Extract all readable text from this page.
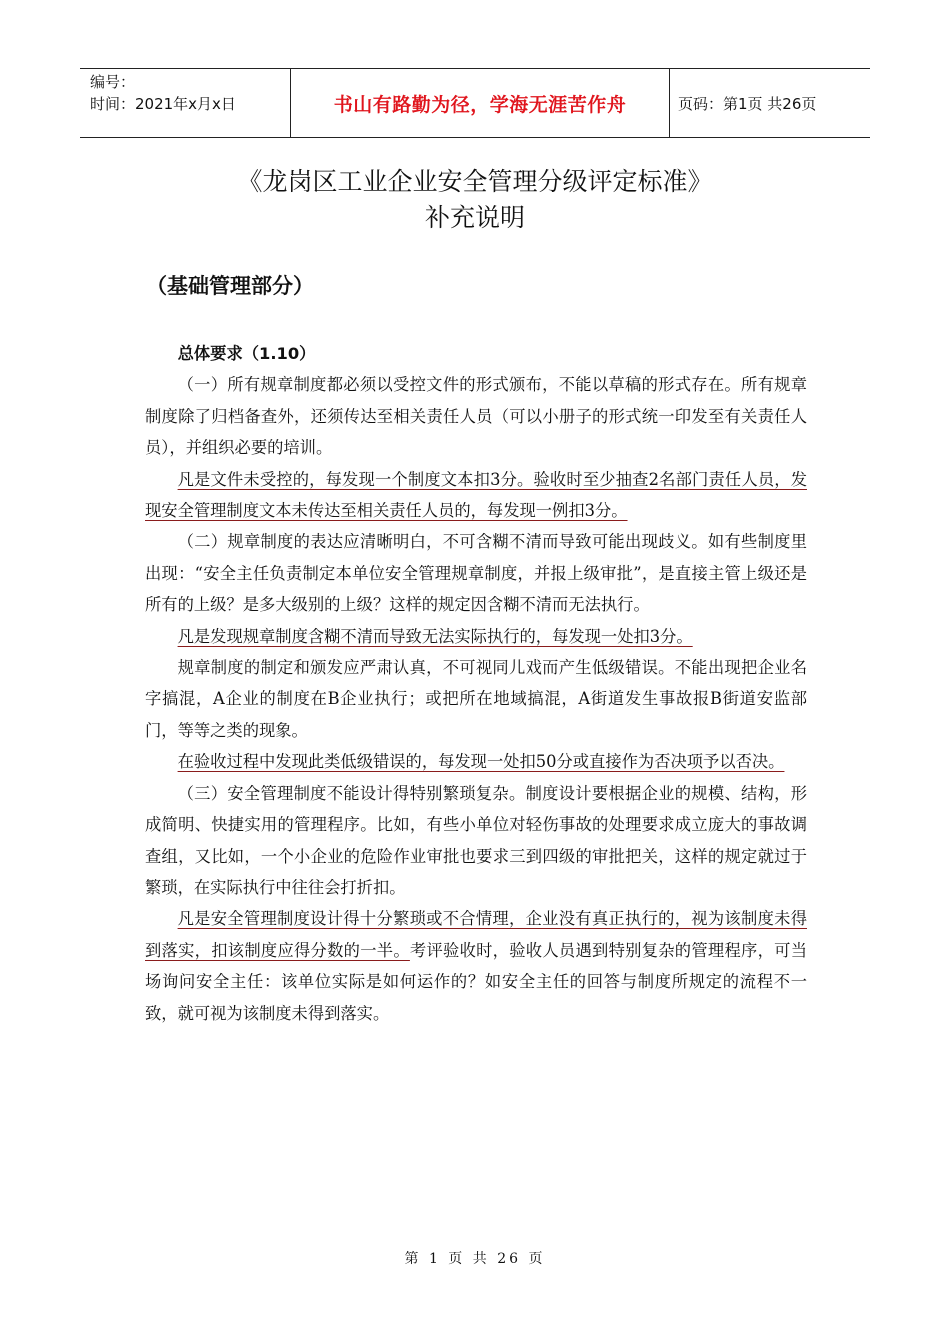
编号：
时间：2021年x月x日	书山有路勤为径，学海无涯苦作舟	页码：第1页 共26页
《龙岗区工业企业安全管理分级评定标准》
补充说明
（基础管理部分）

总体要求（1.10）

（一）所有规章制度都必须以受控文件的形式颁布，不能以草稿的形式存在。所有规章制度除了归档备查外，还须传达至相关责任人员（可以小册子的形式统一印发至有关责任人员），并组织必要的培训。

凡是文件未受控的，每发现一个制度文本扣3分。验收时至少抽查2名部门责任人员，发现安全管理制度文本未传达至相关责任人员的，每发现一例扣3分。

（二）规章制度的表达应清晰明白，不可含糊不清而导致可能出现歧义。如有些制度里出现：“安全主任负责制定本单位安全管理规章制度，并报上级审批”，是直接主管上级还是所有的上级？是多大级别的上级？这样的规定因含糊不清而无法执行。

凡是发现规章制度含糊不清而导致无法实际执行的，每发现一处扣3分。

规章制度的制定和颁发应严肃认真，不可视同儿戏而产生低级错误。不能出现把企业名字搞混，A企业的制度在B企业执行；或把所在地域搞混，A街道发生事故报B街道安监部门，等等之类的现象。

在验收过程中发现此类低级错误的，每发现一处扣50分或直接作为否决项予以否决。

（三）安全管理制度不能设计得特别繁琐复杂。制度设计要根据企业的规模、结构，形成简明、快捷实用的管理程序。比如，有些小单位对轻伤事故的处理要求成立庞大的事故调查组，又比如，一个小企业的危险作业审批也要求三到四级的审批把关，这样的规定就过于繁琐，在实际执行中往往会打折扣。

凡是安全管理制度设计得十分繁琐或不合情理，企业没有真正执行的，视为该制度未得到落实，扣该制度应得分数的一半。考评验收时，验收人员遇到特别复杂的管理程序，可当场询问安全主任：该单位实际是如何运作的？如安全主任的回答与制度所规定的流程不一致，就可视为该制度未得到落实。

第 1 页 共 26 页
